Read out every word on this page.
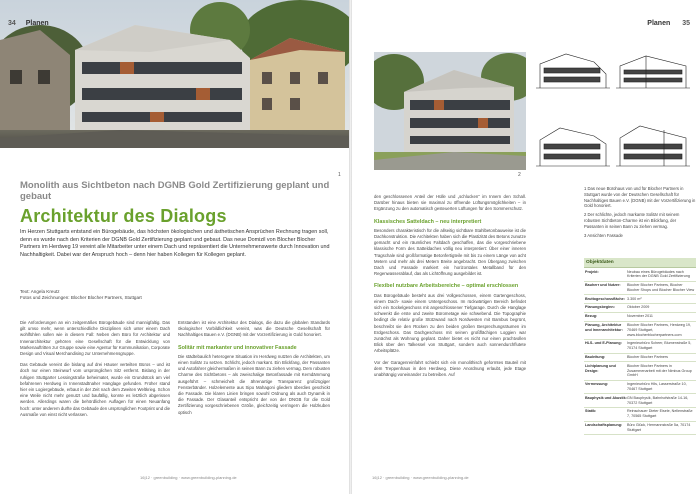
34 Planen
1
Monolith aus Sichtbeton nach DGNB Gold Zertifizierung geplant und gebaut
Architektur des Dialogs
Im Herzen Stuttgarts entstand ein Bürogebäude, das höchsten ökologischen und ästhetischen Ansprüchen Rechnung tragen soll, denn es wurde nach den Kriterien der DGNB Gold Zertifizierung geplant und gebaut. Das neue Domizil von Blocher Blocher Partners im Herdweg 19 vereint alle Mitarbeiter unter einem Dach und repräsentiert die Unternehmenswerte durch Innovation und Nachhaltigkeit. Dabei war der Anspruch hoch – denn hier haben Kollegen für Kollegen geplant.
Text: Angela Kreutz
Fotos und Zeichnungen: Blocher Blocher Partners, Stuttgart

Die Anforderungen an ein zeitgemäßes Bürogebäude sind mannigfaltig. Das gilt umso mehr, wenn unterschiedliche Disziplinen sich unter einem Dach wohlfühlen sollen wie in diesem Fall: Neben dem Büro für Architektur und Innenarchitektur gehören eine Gesellschaft für die Entwicklung von Markenauftritten zur Gruppe sowie eine Agentur für Kommunikation, Corporate Design und Visual Merchandising zur Unternehmensgruppe.

Das Gebäude vereint die bislang auf drei Häuser verteilten Büros – und ist doch nur einen Steinwurf vom ursprünglichen Sitz entfernt. Bislang in der ruhigen Stuttgarter Lessingstraße beheimatet, wurde ein Grundstück am viel befahrenen Herdweg in Innenstadtnaher Hanglage gefunden. Früher stand hier ein Logiergebäude, erbaut in der Zeit nach dem Zweiten Weltkrieg. Schon eine Weile nicht mehr genutzt und baufällig, konnte es letztlich abgerissen werden. Allerdings waren die behördlichen Auflagen für einen Neuanfang hoch: unter anderem durfte das Gebäude den ursprünglichen Footprint und die Ausmaße von einst nicht verlassen.

Entstanden ist eine Architektur des Dialogs, die dazu die globalen Standards ökologischer Vorbildlichkeit vereint, was die Deutsche Gesellschaft für Nachhaltiges Bauen e.V. (DGNB) mit der Vorzertifizierung in Gold honoriert.

Solitär mit markanter und innovativer Fassade

Die städtebaulich heterogene Situation im Herdweg nutzten die Architekten, um einen Solitär zu setzen. Schlicht, jedoch markant. Ein Blickfang, der Passanten und Autofahrer gleichermaßen in seinen Bann zu ziehen vermag. Dem robusten Charme des Sichtbetons – als zweischalige Betonfassade mit Kerndämmung ausgeführt – schmeichelt die ährenartige Transparenz großzügiger Fensterbänder. Holzelemente aus Sipo Mahagoni gliedern überdies geschickt die Fassade. Die klaren Linien bringen sowohl Ordnung als auch Dynamik in die Fassade. Der Glasanteil entspricht der von der DNGB für die Gold Zertifizierung vorgeschriebenen Größe, gleichzeitig verringern die Holzkuben optisch

16|12 · greenbuilding · www.greenbuilding-planning.de
Planen 35
2

den geschlossenen Anteil der Hülle und „schlucken" im Innern den Schall. Darüber hinaus bieten sie maximal zu öffnende Lüftungsmöglichkeiten – in Ergänzung zu den automatisch gesteuerten Lüftungen für den Sommerschutz.

Klassisches Satteldach – neu interpretiert

Besonders charakteristisch für die allseitig sichtbare Stahlbetonbauweise ist die Dachkonstruktion. Die Architekten haben sich die Plastizität des Betons zunutze gemacht und ein räumliches Faltdach geschaffen, das die vorgeschriebene klassische Form des Satteldaches völlig neu interpretiert: Über einer inneren Tragschale sind großformatige Betonfertigteile mit bis zu einem Länge von acht Metern und mehr als drei Metern Breite angebracht. Den Übergang zwischen Dach und Fassade markiert ein horizontales Metallband für den Regenwasserablauf, das als Lichtöffnung ausgebildet ist.

Flexibel nutzbare Arbeitsbereiche – optimal erschlossen

Das Bürogebäude besteht aus drei Vollgeschossen, einem Gartengeschoss, einem Dach- sowie einem Untergeschoss. Im rückwärtigen Bereich befindet sich ein Sockelgeschoss mit angeschlossener Tiefgarage. Durch die Hanglage schwenkt die erste und zweite Bürometage wie schwebend. Die Topographie bedingt die relativ große Stützwand nach Nordwesten mit Bambus begrünt, beschreibt sie den Rücken zu den beiden großen Besprechungsräumen im Erdgeschoss. Das Dachgeschoss mit seinen großflächigen Loggien war zunächst als Wohnung geplant. Daher bietet es nicht nur einen prachtvollen Blick über den Talkessel von Stuttgart, sondern auch sonnendurchflutete Arbeitsplätze.

Vor der Garagenreinfahrt schiebt sich ein monolithisch geformtes Bauteil mit dem Treppenhaus in den Herdweg. Diese Anordnung erlaubt, jede Etage unabhängig voneinander zu betreiben. Auf

1 Das neue Bürohaus von und für Blocher Partners in Stuttgart wurde von der Deutschen Gesellschaft für Nachhaltiges Bauen e.V. (DGNB) mit der Vorzertifizierung in Gold honoriert.

2 Der schlichte, jedoch markante Solitär mit seinem robusten Sichtbeton-Charme ist ein Blickfang, der Passanten in seinen Bann zu ziehen vermag.

3 Ansichten Fassade

Objektdaten
Projekt:	Neubau eines Bürogebäudes nach Kriterien der DGNB Gold Zertifizierung
Bauherr und Nutzer:	Blocher Blocher Partners, Blocher Blocher Shops und Blocher Blocher View
Bruttogeschossfläche: 3.300 m²
Planungsbeginn:	Oktober 2009
Bezug:	November 2011
Planung, Architektur und Innenarchitektur:
Blocher Blocher Partners, Herdweg 19, 70469 Stuttgart, www.blocherblocherpartners.com
HLS- und E-Planung:	Ingenieurbüro Scheer, Blumenstraße 5, 70174 Stuttgart
Bauleitung:	Blocher Blocher Partners
Lichtplanung und Design:
Blocher Blocher Partners in Zusammenarbeit mit der Nimbus Group GmbH
Vermessung:	Ingenieurbüro Hils, Lasserstraße 10, 70467 Stuttgart
Bauphysik und Akustik: GN Bauphysik, Bahnhofstraße 14-16, 70372 Stuttgart
Statik:	Reinschauer Dieter Eisele, Nellenstraße 7, 70565 Stuttgart
Landschaftsplanung:	Büro Glück, Hermannstraße 5a, 70174 Stuttgart
16|12 · greenbuilding · www.greenbuilding-planning.de
